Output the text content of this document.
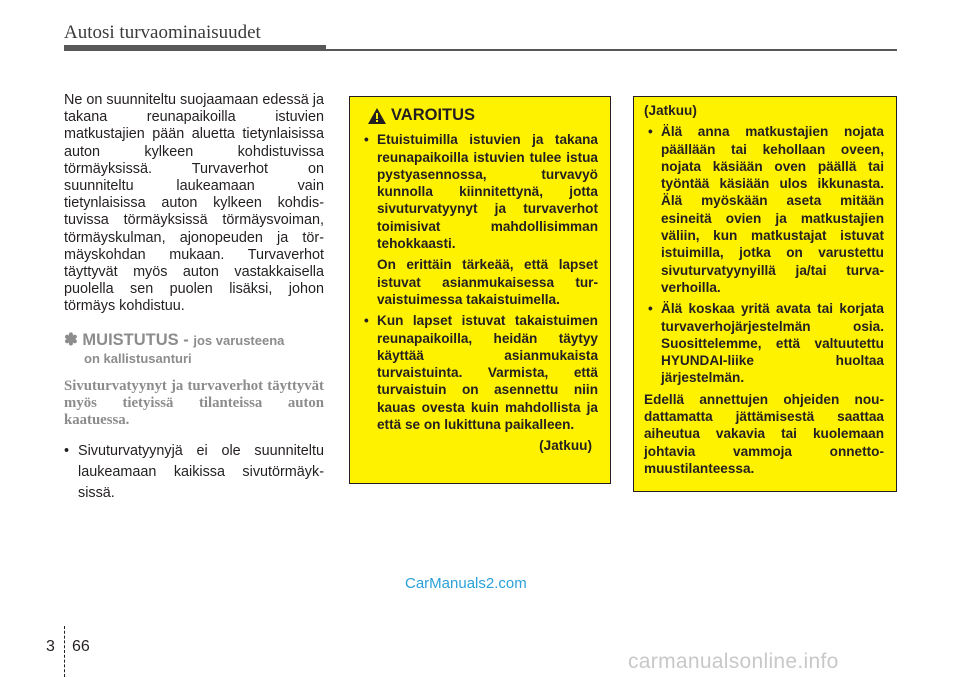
Autosi turvaominaisuudet

Ne on suunniteltu suojaamaan edessä ja takana reunapaikoilla istuvien matkustajien pään aluetta tietynlaisissa auton kylkeen kohdistuvissa törmäyksissä. Turvaverhot on suunniteltu laukeamaan vain tietynlaisissa auton kylkeen kohdistuvissa törmäyksissä törmäysvoiman, törmäyskulman, ajonopeuden ja törmäyskohdan mukaan. Turvaverhot täyttyvät myös auton vastakkaisella puolella sen puolen lisäksi, johon törmäys kohdistuu.

✽ MUISTUTUS - jos varusteena
on kallistusanturi
Sivuturvatyynyt ja turvaverhot täyttyvät myös tietyissä tilanteissa auton kaatuessa.
• Sivuturvatyynyjä ei ole suunniteltu laukeamaan kaikissa sivutörmäyksissä.
VAROITUS
• Etuistuimilla istuvien ja takana reunapaikoilla istuvien tulee istua pystyasennossa, turvavyö kunnolla kiinnitettynä, jotta sivuturvatyynyt ja turvaverhot toimisivat mahdollisimman tehokkaasti.
On erittäin tärkeää, että lapset istuvat asianmukaisessa turvaistuimessa takaistuimella.
• Kun lapset istuvat takaistuimen reunapaikoilla, heidän täytyy käyttää asianmukaista turvaistuinta. Varmista, että turvaistuin on asennettu niin kauas ovesta kuin mahdollista ja että se on lukittuna paikalleen.
(Jatkuu)
(Jatkuu)
• Älä anna matkustajien nojata päällään tai kehollaan oveen, nojata käsiään oven päällä tai työntää käsiään ulos ikkunasta. Älä myöskään aseta mitään esineitä ovien ja matkustajien väliin, kun matkustajat istuvat istuimilla, jotka on varustettu sivuturvatyynyillä ja/tai turvaverhoilla.
• Älä koskaa yritä avata tai korjata turvaverhojärjestelmän osia. Suosittelemme, että valtuutettu HYUNDAI-liike huoltaa järjestelmän.
Edellä annettujen ohjeiden noudattamatta jättämisestä saattaa aiheutua vakavia tai kuolemaan johtavia vammoja onnettomuustilanteessa.
CarManuals2.com
3 66
carmanualsonline.info
